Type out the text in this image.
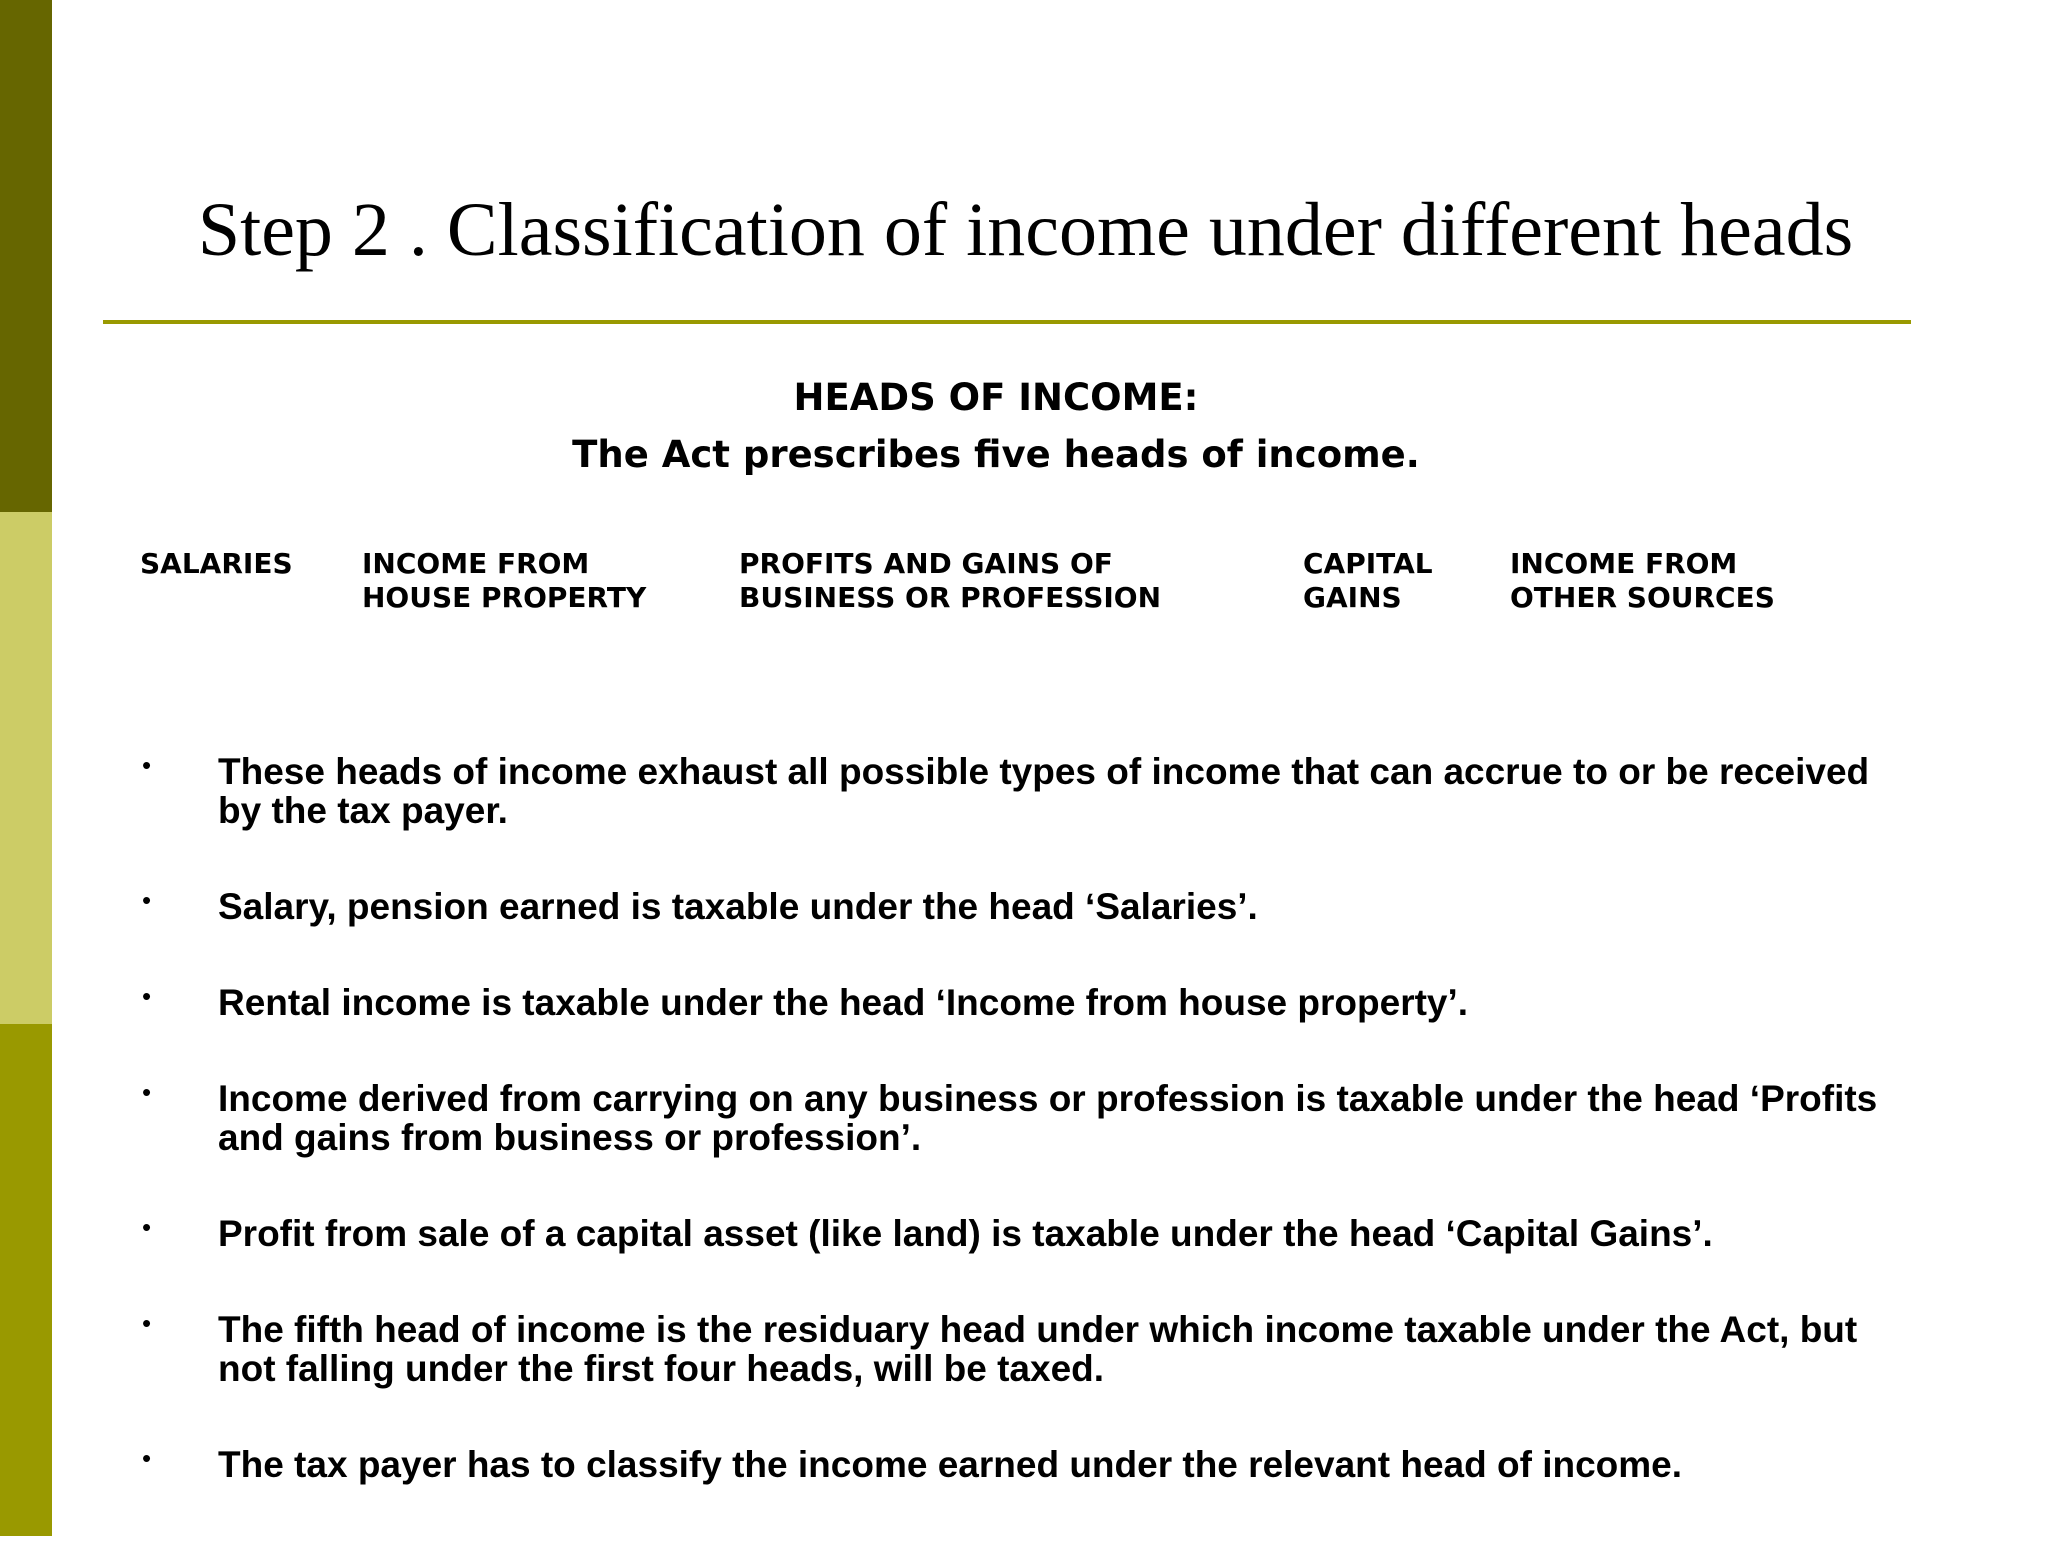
Step 2 . Classification of income under different heads
HEADS OF INCOME:
The Act prescribes five heads of income.
SALARIES INCOME FROM
HOUSE PROPERTY
PROFITS AND GAINS OF
BUSINESS OR PROFESSION
CAPITAL
GAINS
INCOME FROM
OTHER SOURCES
• These heads of income exhaust all possible types of income that can accrue to or be received by the tax payer.
• Salary, pension earned is taxable under the head ‘Salaries’.
• Rental income is taxable under the head ‘Income from house property’.
• Income derived from carrying on any business or profession is taxable under the head ‘Profits and gains from business or profession’.
• Profit from sale of a capital asset (like land) is taxable under the head ‘Capital Gains’.
• The fifth head of income is the residuary head under which income taxable under the Act, but not falling under the first four heads, will be taxed.
• The tax payer has to classify the income earned under the relevant head of income.
